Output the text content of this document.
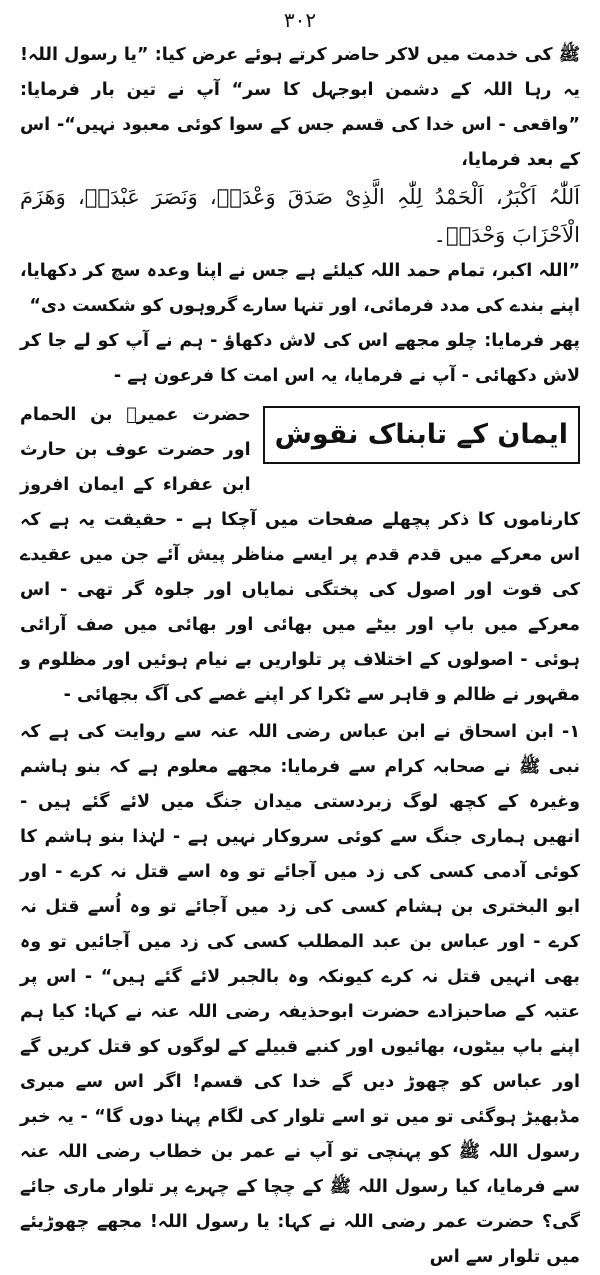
۳۰۲

ﷺ کی خدمت میں لاکر حاضر کرتے ہوئے عرض کیا: ”یا رسول اللہ! یہ رہا اللہ کے دشمن ابوجہل کا سر“ آپ نے تین بار فرمایا: ”واقعی - اس خدا کی قسم جس کے سوا کوئی معبود نہیں“- اس کے بعد فرمایا،

اَللّٰہُ اَکْبَرُ، اَلْحَمْدُ لِلّٰہِ الَّذِیْ صَدَقَ وَعْدَہٗ، وَنَصَرَ عَبْدَہٗ، وَھَزَمَ الْاَحْزَابَ وَحْدَہٗ۔

”اللہ اکبر، تمام حمد اللہ کیلئے ہے جس نے اپنا وعدہ سچ کر دکھایا، اپنے بندے کی مدد فرمائی، اور تنہا سارے گروہوں کو شکست دی“

پھر فرمایا: چلو مجھے اس کی لاش دکھاؤ - ہم نے آپ کو لے جا کر لاش دکھائی - آپ نے فرمایا، یہ اس امت کا فرعون ہے -

ایمان کے تابناک نقوش

حضرت عمیرؓ بن الحمام اور حضرت عوف بن حارث ابن عفراء کے ایمان افروز کارناموں کا ذکر پچھلے صفحات میں آچکا ہے - حقیقت یہ ہے کہ اس معرکے میں قدم قدم پر ایسے مناظر پیش آئے جن میں عقیدے کی قوت اور اصول کی پختگی نمایاں اور جلوہ گر تھی - اس معرکے میں باپ اور بیٹے میں بھائی اور بھائی میں صف آرائی ہوئی - اصولوں کے اختلاف پر تلواریں بے نیام ہوئیں اور مظلوم و مقہور نے ظالم و قاہر سے ٹکرا کر اپنے غصے کی آگ بجھائی -

۱- ابن اسحاق نے ابن عباس رضی اللہ عنہ سے روایت کی ہے کہ نبی ﷺ نے صحابہ کرام سے فرمایا: مجھے معلوم ہے کہ بنو ہاشم وغیرہ کے کچھ لوگ زبردستی میدان جنگ میں لائے گئے ہیں - انھیں ہماری جنگ سے کوئی سروکار نہیں ہے - لہٰذا بنو ہاشم کا کوئی آدمی کسی کی زد میں آجائے تو وہ اسے قتل نہ کرے - اور ابو البختری بن ہشام کسی کی زد میں آجائے تو وہ اُسے قتل نہ کرے - اور عباس بن عبد المطلب کسی کی زد میں آجائیں تو وہ بھی انہیں قتل نہ کرے کیونکہ وہ بالجبر لائے گئے ہیں“ - اس پر عتبہ کے صاحبزادے حضرت ابوحذیفہ رضی اللہ عنہ نے کہا: کیا ہم اپنے باپ بیٹوں، بھائیوں اور کنبے قبیلے کے لوگوں کو قتل کریں گے اور عباس کو چھوڑ دیں گے خدا کی قسم! اگر اس سے میری مڈبھیڑ ہوگئی تو میں تو اسے تلوار کی لگام پہنا دوں گا“ - یہ خبر رسول اللہ ﷺ کو پہنچی تو آپ نے عمر بن خطاب رضی اللہ عنہ سے فرمایا، کیا رسول اللہ ﷺ کے چچا کے چہرے پر تلوار ماری جائے گی؟ حضرت عمر رضی اللہ نے کہا: یا رسول اللہ! مجھے چھوڑیئے میں تلوار سے اس
